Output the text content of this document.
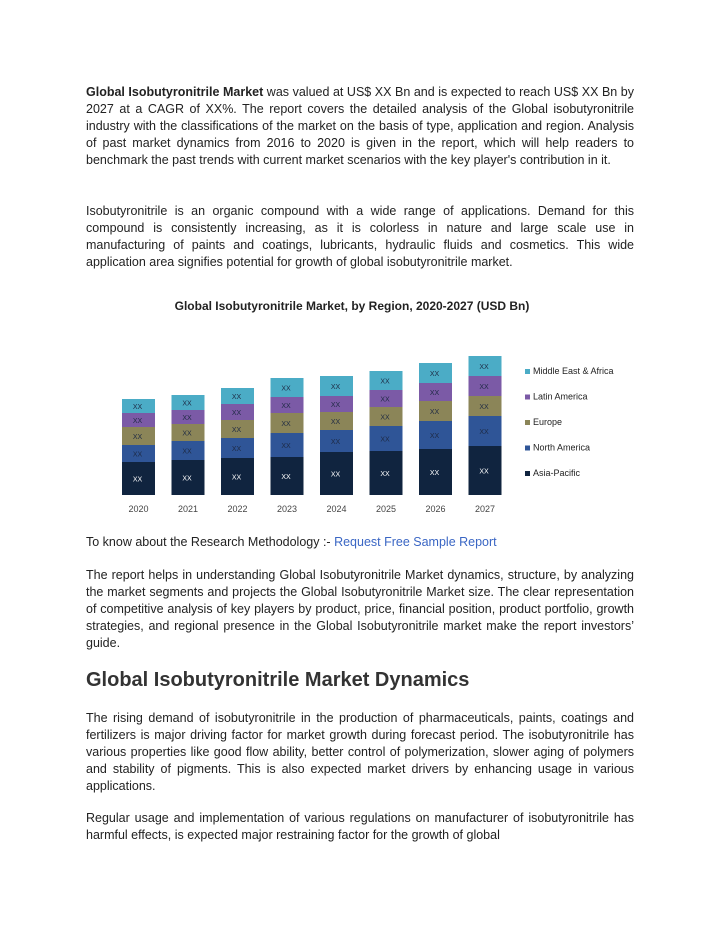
Global Isobutyronitrile Market was valued at US$ XX Bn and is expected to reach US$ XX Bn by 2027 at a CAGR of XX%. The report covers the detailed analysis of the Global isobutyronitrile industry with the classifications of the market on the basis of type, application and region. Analysis of past market dynamics from 2016 to 2020 is given in the report, which will help readers to benchmark the past trends with current market scenarios with the key player's contribution in it.

Isobutyronitrile is an organic compound with a wide range of applications. Demand for this compound is consistently increasing, as it is colorless in nature and large scale use in manufacturing of paints and coatings, lubricants, hydraulic fluids and cosmetics. This wide application area signifies potential for growth of global isobutyronitrile market.

To know about the Research Methodology :- Request Free Sample Report

The report helps in understanding Global Isobutyronitrile Market dynamics, structure, by analyzing the market segments and projects the Global Isobutyronitrile Market size. The clear representation of competitive analysis of key players by product, price, financial position, product portfolio, growth strategies, and regional presence in the Global Isobutyronitrile market make the report investors’ guide.

Global Isobutyronitrile Market Dynamics

The rising demand of isobutyronitrile in the production of pharmaceuticals, paints, coatings and fertilizers is major driving factor for market growth during forecast period. The isobutyronitrile has various properties like good flow ability, better control of polymerization, slower aging of polymers and stability of pigments. This is also expected market drivers by enhancing usage in various applications.

Regular usage and implementation of various regulations on manufacturer of isobutyronitrile has harmful effects, is expected major restraining factor for the growth of global

Global Isobutyronitrile Market, by Region, 2020-2027 (USD Bn)
XX
XX
XX
XX
XX
XX
XX
XX
XX
XX
XX
XX
XX
XX
XX
XX
XX
XX
XX
XX
XX
XX
XX
XX
XX
XX
XX
XX
XX
XX
XX
XX
XX
XX
XX
XX
XX
XX
XX
XX
2020	2021	2022	2023	2024	2025	2026	2027
Middle East & Africa
Latin America
Europe
North America
Asia-Pacific
